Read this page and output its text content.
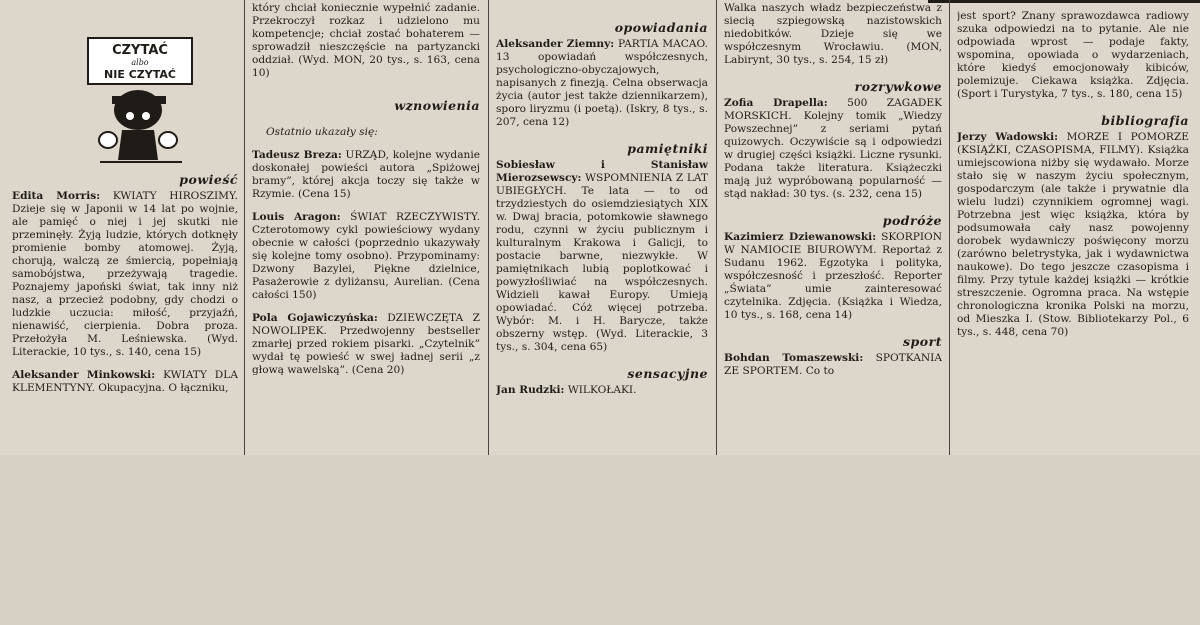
CZYTAĆ
albo
NIE CZYTAĆ
powieść

Edita Morris: KWIATY HIROSZIMY. Dzieje się w Japonii w 14 lat po wojnie, ale pamięć o niej i jej skutki nie przeminęły. Żyją ludzie, których dotknęły promienie bomby atomowej. Żyją, chorują, walczą ze śmiercią, popełniają samobójstwa, przeżywają tragedie. Poznajemy japoński świat, tak inny niż nasz, a przecież podobny, gdy chodzi o ludzkie uczucia: miłość, przyjaźń, nienawiść, cierpienia. Dobra proza. Przełożyła M. Leśniewska. (Wyd. Literackie, 10 tys., s. 140, cena 15)

Aleksander Minkowski: KWIATY DLA KLEMENTYNY. Okupacyjna. O łączniku,

który chciał koniecznie wypełnić zadanie. Przekroczył rozkaz i udzielono mu kompetencje; chciał zostać bohaterem — sprowadził nieszczęście na partyzancki oddział. (Wyd. MON, 20 tys., s. 163, cena 10)

wznowienia

Ostatnio ukazały się:

Tadeusz Breza: URZĄD, kolejne wydanie doskonałej powieści autora „Spiżowej bramy”, której akcja toczy się także w Rzymie. (Cena 15)

Louis Aragon: ŚWIAT RZECZYWISTY. Czterotomowy cykl powieściowy wydany obecnie w całości (poprzednio ukazywały się kolejne tomy osobno). Przypominamy: Dzwony Bazylei, Piękne dzielnice, Pasażerowie z dyliżansu, Aurelian. (Cena całości 150)

Pola Gojawiczyńska: DZIEWCZĘTA Z NOWOLIPEK. Przedwojenny bestseller zmarłej przed rokiem pisarki. „Czytelnik” wydał tę powieść w swej ładnej serii „z głową wawelską”. (Cena 20)

opowiadania

Aleksander Ziemny: PARTIA MACAO. 13 opowiadań współczesnych, psychologiczno-obyczajowych, napisanych z finezją. Celna obserwacja życia (autor jest także dziennikarzem), sporo liryzmu (i poetą). (Iskry, 8 tys., s. 207, cena 12)

pamiętniki

Sobiesław i Stanisław Mierozsewscy: WSPOMNIENIA Z LAT UBIEGŁYCH. Te lata — to od trzydziestych do osiemdziesiątych XIX w. Dwaj bracia, potomkowie sławnego rodu, czynni w życiu publicznym i kulturalnym Krakowa i Galicji, to postacie barwne, niezwykłe. W pamiętnikach lubią poplotkować i powyzłośliwiać na współczesnych. Widzieli kawał Europy. Umieją opowiadać. Cóż więcej potrzeba. Wybór: M. i H. Barycze, także obszerny wstęp. (Wyd. Literackie, 3 tys., s. 304, cena 65)

sensacyjne

Jan Rudzki: WILKOŁAKI.

Walka naszych władz bezpieczeństwa z siecią szpiegowską nazistowskich niedobitków. Dzieje się we współczesnym Wrocławiu. (MON, Labirynt, 30 tys., s. 254, 15 zł)

rozrywkowe

Zofia Drapella: 500 ZAGADEK MORSKICH. Kolejny tomik „Wiedzy Powszechnej” z seriami pytań quizowych. Oczywiście są i odpowiedzi w drugiej części książki. Liczne rysunki. Podana także literatura. Książeczki mają już wypróbowaną popularność — stąd nakład: 30 tys. (s. 232, cena 15)

podróże

Kazimierz Dziewanowski: SKORPION W NAMIOCIE BIUROWYM. Reportaż z Sudanu 1962. Egzotyka i polityka, współczesność i przeszłość. Reporter „Świata” umie zainteresować czytelnika. Zdjęcia. (Książka i Wiedza, 10 tys., s. 168, cena 14)

sport

Bohdan Tomaszewski: SPOTKANIA ZE SPORTEM. Co to

jest sport? Znany sprawozdawca radiowy szuka odpowiedzi na to pytanie. Ale nie odpowiada wprost — podaje fakty, wspomina, opowiada o wydarzeniach, które kiedyś emocjonowały kibiców, polemizuje. Ciekawa książka. Zdjęcia. (Sport i Turystyka, 7 tys., s. 180, cena 15)

bibliografia

Jerzy Wadowski: MORZE I POMORZE (KSIĄŻKI, CZASOPISMA, FILMY). Książka umiejscowiona niżby się wydawało. Morze stało się w naszym życiu społecznym, gospodarczym (ale także i prywatnie dla wielu ludzi) czynnikiem ogromnej wagi. Potrzebna jest więc książka, która by podsumowała cały nasz powojenny dorobek wydawniczy poświęcony morzu (zarówno beletrystyka, jak i wydawnictwa naukowe). Do tego jeszcze czasopisma i filmy. Przy tytule każdej książki — krótkie streszczenie. Ogromna praca. Na wstępie chronologiczna kronika Polski na morzu, od Mieszka I. (Stow. Bibliotekarzy Pol., 6 tys., s. 448, cena 70)
